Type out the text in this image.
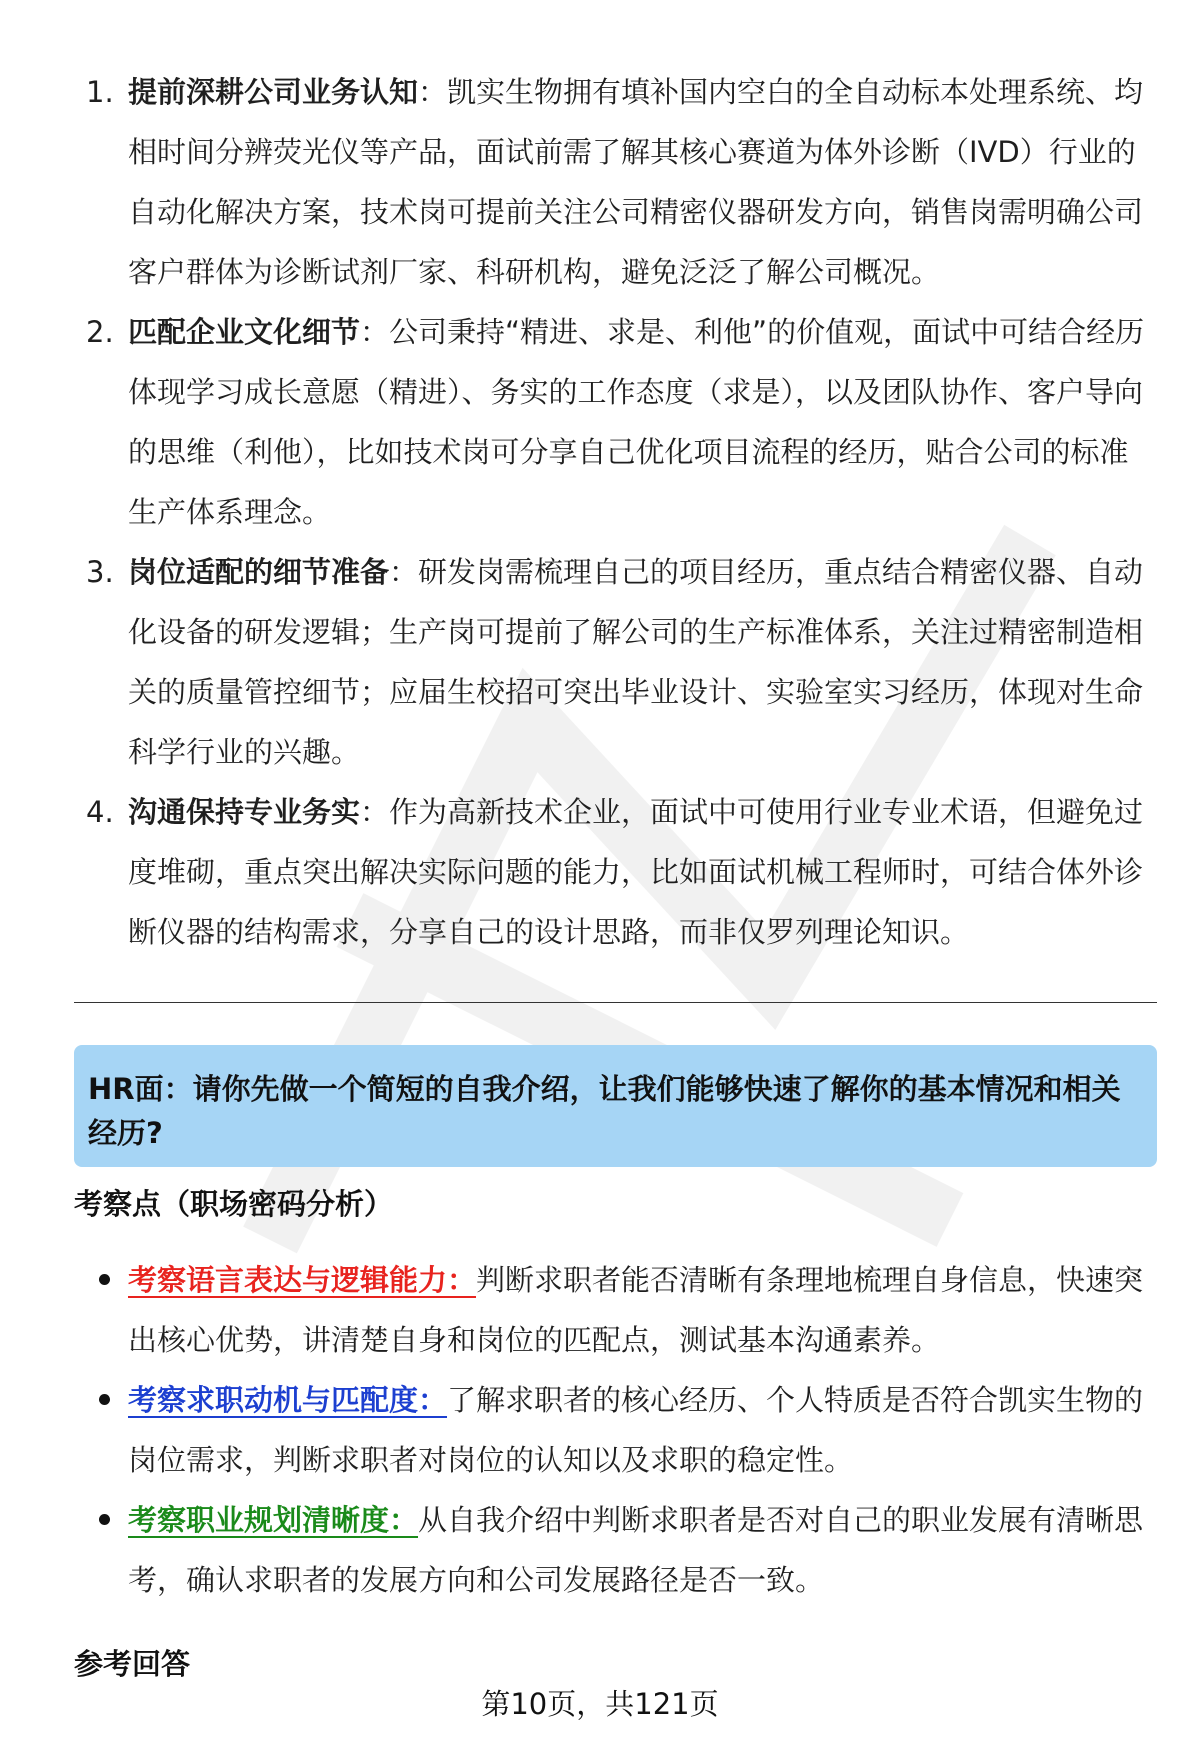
1. 提前深耕公司业务认知：凯实生物拥有填补国内空白的全自动标本处理系统、均相时间分辨荧光仪等产品，面试前需了解其核心赛道为体外诊断（IVD）行业的自动化解决方案，技术岗可提前关注公司精密仪器研发方向，销售岗需明确公司客户群体为诊断试剂厂家、科研机构，避免泛泛了解公司概况。
2. 匹配企业文化细节：公司秉持“精进、求是、利他”的价值观，面试中可结合经历体现学习成长意愿（精进）、务实的工作态度（求是），以及团队协作、客户导向的思维（利他），比如技术岗可分享自己优化项目流程的经历，贴合公司的标准生产体系理念。
3. 岗位适配的细节准备：研发岗需梳理自己的项目经历，重点结合精密仪器、自动化设备的研发逻辑；生产岗可提前了解公司的生产标准体系，关注过精密制造相关的质量管控细节；应届生校招可突出毕业设计、实验室实习经历，体现对生命科学行业的兴趣。
4. 沟通保持专业务实：作为高新技术企业，面试中可使用行业专业术语，但避免过度堆砌，重点突出解决实际问题的能力，比如面试机械工程师时，可结合体外诊断仪器的结构需求，分享自己的设计思路，而非仅罗列理论知识。
HR面：请你先做一个简短的自我介绍，让我们能够快速了解你的基本情况和相关经历?
考察点（职场密码分析）
考察语言表达与逻辑能力：判断求职者能否清晰有条理地梳理自身信息，快速突出核心优势，讲清楚自身和岗位的匹配点，测试基本沟通素养。
考察求职动机与匹配度：了解求职者的核心经历、个人特质是否符合凯实生物的岗位需求，判断求职者对岗位的认知以及求职的稳定性。
考察职业规划清晰度：从自我介绍中判断求职者是否对自己的职业发展有清晰思考，确认求职者的发展方向和公司发展路径是否一致。
参考回答
第10页，共121页
